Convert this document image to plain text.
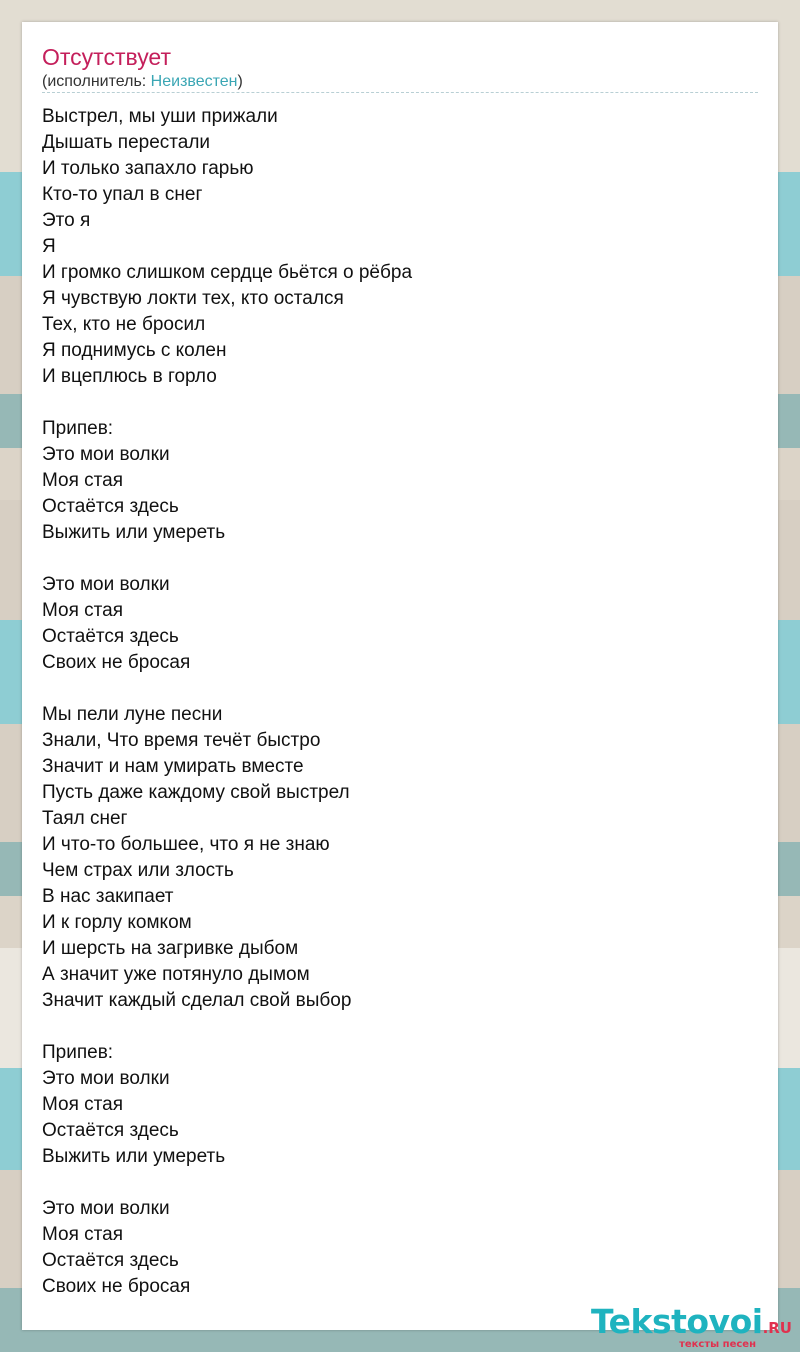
Отсутствует
(исполнитель: Неизвестен)
Выстрел, мы уши прижали
Дышать перестали
И только запахло гарью
Кто-то упал в снег
Это я
Я
И громко слишком сердце бьётся о рёбра
Я чувствую локти тех, кто остался
Тех, кто не бросил
Я поднимусь с колен
И вцеплюсь в горло
Припев:
Это мои волки
Моя стая
Остаётся здесь
Выжить или умереть
Это мои волки
Моя стая
Остаётся здесь
Своих не бросая
Мы пели луне песни
Знали, Что время течёт быстро
Значит и нам умирать вместе
Пусть даже каждому свой выстрел
Таял снег
И что-то большее, что я не знаю
Чем страх или злость
В нас закипает
И к горлу комком
И шерсть на загривке дыбом
А значит уже потянуло дымом
Значит каждый сделал свой выбор
Припев:
Это мои волки
Моя стая
Остаётся здесь
Выжить или умереть
Это мои волки
Моя стая
Остаётся здесь
Своих не бросая
Tekstovoi.RU
тексты песен
